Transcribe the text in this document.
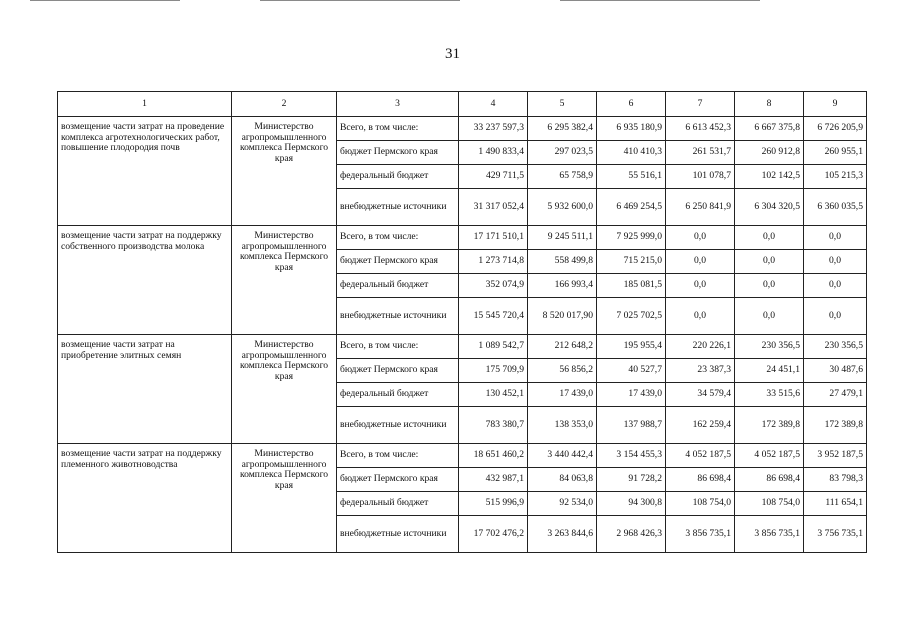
31
1	2	3	4	5	6	7	8	9
возмещение части затрат на проведение комплекса агротехнологических работ, повышение плодородия почв	Министерство агропромышленного комплекса Пермского края	Всего, в том числе:	33 237 597,3	6 295 382,4	6 935 180,9	6 613 452,3	6 667 375,8	6 726 205,9
		бюджет Пермского края	1 490 833,4	297 023,5	410 410,3	261 531,7	260 912,8	260 955,1
		федеральный бюджет	429 711,5	65 758,9	55 516,1	101 078,7	102 142,5	105 215,3
		внебюджетные источники	31 317 052,4	5 932 600,0	6 469 254,5	6 250 841,9	6 304 320,5	6 360 035,5
возмещение части затрат на поддержку собственного производства молока	Министерство агропромышленного комплекса Пермского края	Всего, в том числе:	17 171 510,1	9 245 511,1	7 925 999,0	0,0	0,0	0,0
		бюджет Пермского края	1 273 714,8	558 499,8	715 215,0	0,0	0,0	0,0
		федеральный бюджет	352 074,9	166 993,4	185 081,5	0,0	0,0	0,0
		внебюджетные источники	15 545 720,4	8 520 017,90	7 025 702,5	0,0	0,0	0,0
возмещение части затрат на приобретение элитных семян	Министерство агропромышленного комплекса Пермского края	Всего, в том числе:	1 089 542,7	212 648,2	195 955,4	220 226,1	230 356,5	230 356,5
		бюджет Пермского края	175 709,9	56 856,2	40 527,7	23 387,3	24 451,1	30 487,6
		федеральный бюджет	130 452,1	17 439,0	17 439,0	34 579,4	33 515,6	27 479,1
		внебюджетные источники	783 380,7	138 353,0	137 988,7	162 259,4	172 389,8	172 389,8
возмещение части затрат на поддержку племенного животноводства	Министерство агропромышленного комплекса Пермского края	Всего, в том числе:	18 651 460,2	3 440 442,4	3 154 455,3	4 052 187,5	4 052 187,5	3 952 187,5
		бюджет Пермского края	432 987,1	84 063,8	91 728,2	86 698,4	86 698,4	83 798,3
		федеральный бюджет	515 996,9	92 534,0	94 300,8	108 754,0	108 754,0	111 654,1
		внебюджетные источники	17 702 476,2	3 263 844,6	2 968 426,3	3 856 735,1	3 856 735,1	3 756 735,1
